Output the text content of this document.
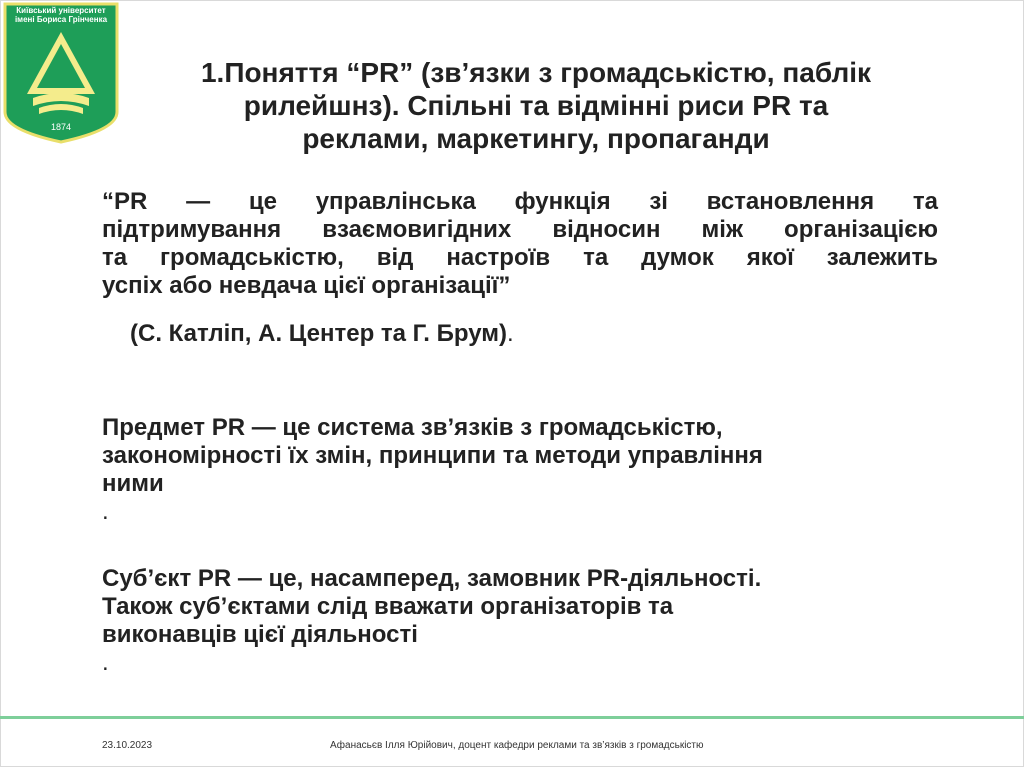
Київський університет
імені Бориса Грінченка
1874
1.Поняття “PR” (зв’язки з громадськістю, паблік
рилейшнз). Спільні та відмінні риси PR та
реклами, маркетингу, пропаганди
“PR — це управлінська функція зі встановлення та
підтримування взаємовигідних відносин між організацією
та громадськістю, від настроїв та думок якої залежить
успіх або невдача цієї організації”
(С. Катліп, А. Центер та Г. Брум).
Предмет PR — це система зв’язків з громадськістю,
закономірності їх змін, принципи та методи управління
ними
.
Суб’єкт PR — це, насамперед, замовник PR-діяльності.
Також суб’єктами слід вважати організаторів та
виконавців цієї діяльності
.
23.10.2023	Афанасьєв Ілля Юрійович, доцент кафедри реклами та зв’язків з громадськістю
